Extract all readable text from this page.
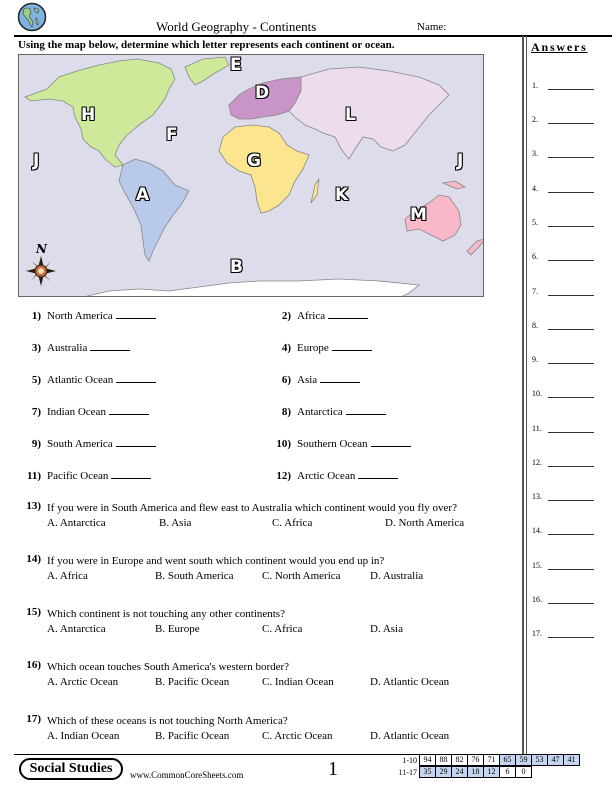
World Geography - Continents	Name:
Using the map below, determine which letter represents each continent or ocean.
E
D
H	L
F
J	G	J
A	K
M
B
N
1) North America	2) Africa
3) Australia	4) Europe
5) Atlantic Ocean	6) Asia
7) Indian Ocean	8) Antarctica
9) South America	10) Southern Ocean
11) Pacific Ocean	12) Arctic Ocean
13) If you were in South America and flew east to Australia which continent would you fly over?
A. Antarctica	B. Asia	C. Africa	D. North America
14) If you were in Europe and went south which continent would you end up in?
A. Africa	B. South America	C. North America	D. Australia
15) Which continent is not touching any other continents?
A. Antarctica	B. Europe	C. Africa	D. Asia
16) Which ocean touches South America's western border?
A. Arctic Ocean	B. Pacific Ocean	C. Indian Ocean	D. Atlantic Ocean
17) Which of these oceans is not touching North America?
A. Indian Ocean	B. Pacific Ocean	C. Arctic Ocean	D. Atlantic Ocean
Answers
1.
2.
3.
4.
5.
6.
7.
8.
9.
10.
11.
12.
13.
14.
15.
16.
17.
Social Studies	www.CommonCoreSheets.com	1	1-10 94	88	82	76	71	65	59	53	47	41
11-17 35	29	24	18	12	6	0
